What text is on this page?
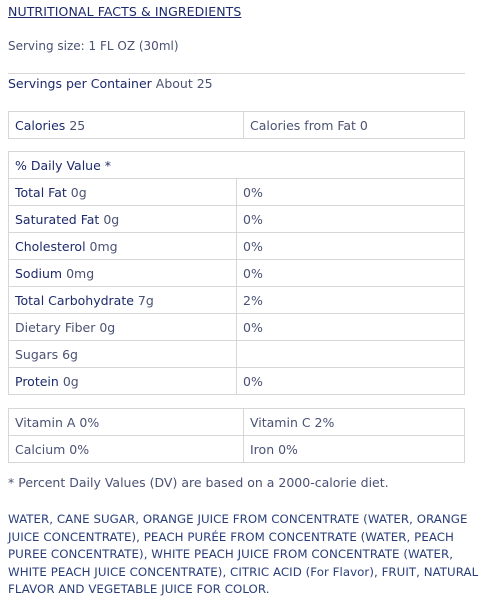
NUTRITIONAL FACTS & INGREDIENTS
Serving size: 1 FL OZ (30ml)
Servings per Container About 25
Calories 25	Calories from Fat 0
% Daily Value *	
Total Fat 0g	0%
Saturated Fat 0g	0%
Cholesterol 0mg	0%
Sodium 0mg	0%
Total Carbohydrate 7g	2%
Dietary Fiber 0g	0%
Sugars 6g	
Protein 0g	0%
Vitamin A 0%	Vitamin C 2%
Calcium 0%	Iron 0%
* Percent Daily Values (DV) are based on a 2000-calorie diet.
WATER, CANE SUGAR, ORANGE JUICE FROM CONCENTRATE (WATER, ORANGE
JUICE CONCENTRATE), PEACH PURÉE FROM CONCENTRATE (WATER, PEACH
PUREE CONCENTRATE), WHITE PEACH JUICE FROM CONCENTRATE (WATER,
WHITE PEACH JUICE CONCENTRATE), CITRIC ACID (For Flavor), FRUIT, NATURAL
FLAVOR AND VEGETABLE JUICE FOR COLOR.
